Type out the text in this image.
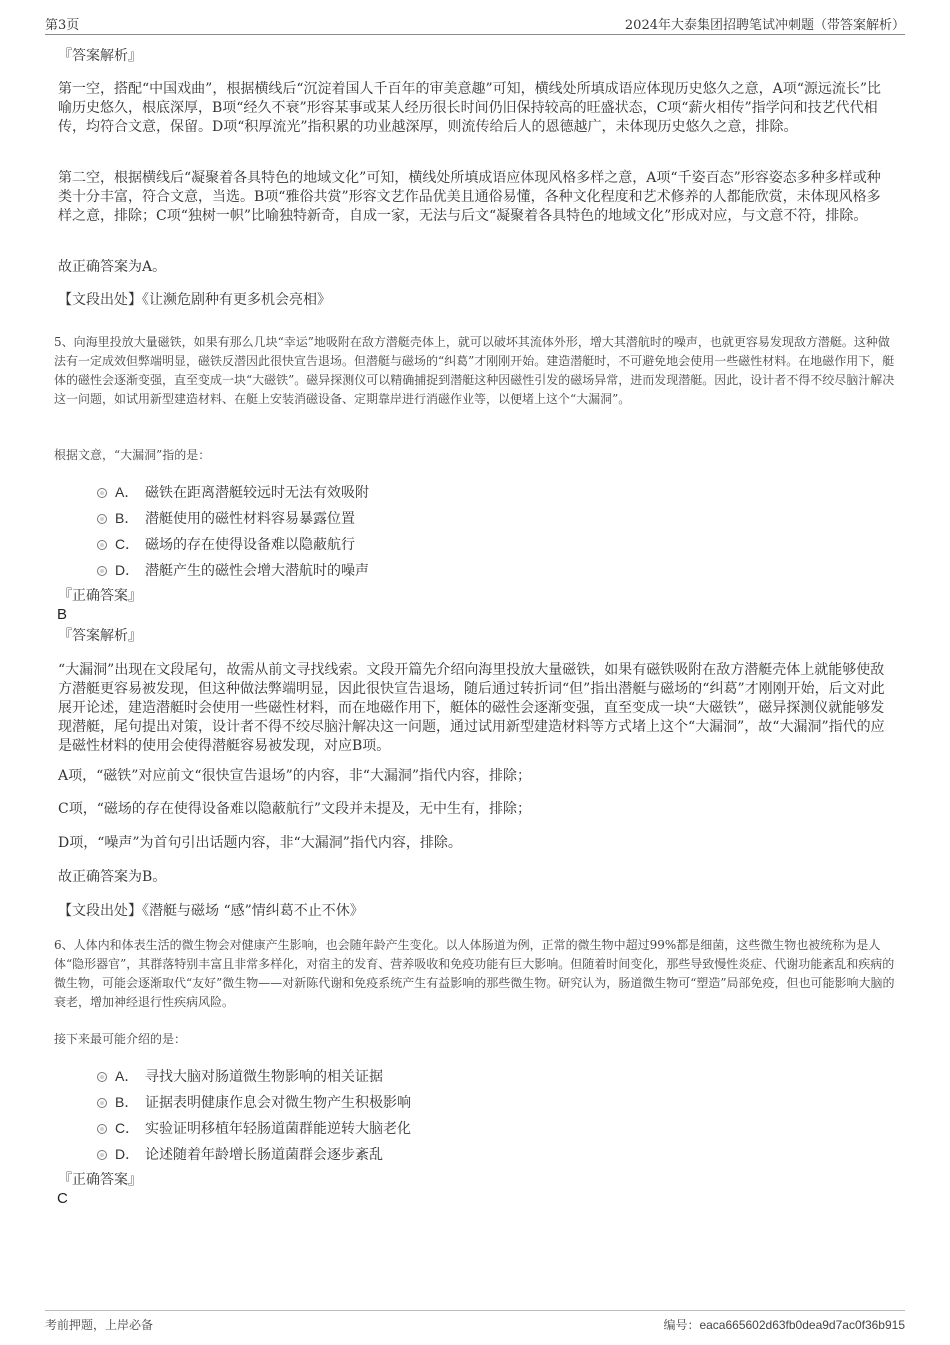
第3页	2024年大泰集团招聘笔试冲刺题（带答案解析）
『答案解析』

第一空，搭配“中国戏曲”，根据横线后“沉淀着国人千百年的审美意趣”可知，横线处所填成语应体现历史悠久之意，A项“源远流长”比喻历史悠久，根底深厚，B项“经久不衰”形容某事或某人经历很长时间仍旧保持较高的旺盛状态，C项“薪火相传”指学问和技艺代代相传，均符合文意，保留。D项“积厚流光”指积累的功业越深厚，则流传给后人的恩德越广，未体现历史悠久之意，排除。

第二空，根据横线后“凝聚着各具特色的地域文化”可知，横线处所填成语应体现风格多样之意，A项“千姿百态”形容姿态多种多样或种类十分丰富，符合文意，当选。B项“雅俗共赏”形容文艺作品优美且通俗易懂，各种文化程度和艺术修养的人都能欣赏，未体现风格多样之意，排除；C项“独树一帜”比喻独特新奇，自成一家，无法与后文“凝聚着各具特色的地域文化”形成对应，与文意不符，排除。

故正确答案为A。

【文段出处】《让濒危剧种有更多机会亮相》

5、向海里投放大量磁铁，如果有那么几块“幸运”地吸附在敌方潜艇壳体上，就可以破坏其流体外形，增大其潜航时的噪声，也就更容易发现敌方潜艇。这种做法有一定成效但弊端明显，磁铁反潜因此很快宣告退场。但潜艇与磁场的“纠葛”才刚刚开始。建造潜艇时，不可避免地会使用一些磁性材料。在地磁作用下，艇体的磁性会逐渐变强，直至变成一块“大磁铁”。磁异探测仪可以精确捕捉到潜艇这种因磁性引发的磁场异常，进而发现潜艇。因此，设计者不得不绞尽脑汁解决这一问题，如试用新型建造材料、在艇上安装消磁设备、定期靠岸进行消磁作业等，以便堵上这个“大漏洞”。

根据文意，“大漏洞”指的是：

A． 磁铁在距离潜艇较远时无法有效吸附
B． 潜艇使用的磁性材料容易暴露位置
C． 磁场的存在使得设备难以隐蔽航行
D． 潜艇产生的磁性会增大潜航时的噪声
『正确答案』
B
『答案解析』

“大漏洞”出现在文段尾句，故需从前文寻找线索。文段开篇先介绍向海里投放大量磁铁，如果有磁铁吸附在敌方潜艇壳体上就能够使敌方潜艇更容易被发现，但这种做法弊端明显，因此很快宣告退场，随后通过转折词“但”指出潜艇与磁场的“纠葛”才刚刚开始，后文对此展开论述，建造潜艇时会使用一些磁性材料，而在地磁作用下，艇体的磁性会逐渐变强，直至变成一块“大磁铁”，磁异探测仪就能够发现潜艇，尾句提出对策，设计者不得不绞尽脑汁解决这一问题，通过试用新型建造材料等方式堵上这个“大漏洞”，故“大漏洞”指代的应是磁性材料的使用会使得潜艇容易被发现，对应B项。

A项，“磁铁”对应前文“很快宣告退场”的内容，非“大漏洞”指代内容，排除；

C项，“磁场的存在使得设备难以隐蔽航行”文段并未提及，无中生有，排除；

D项，“噪声”为首句引出话题内容，非“大漏洞”指代内容，排除。

故正确答案为B。

【文段出处】《潜艇与磁场 “感”情纠葛不止不休》

6、人体内和体表生活的微生物会对健康产生影响，也会随年龄产生变化。以人体肠道为例，正常的微生物中超过99%都是细菌，这些微生物也被统称为是人体“隐形器官”，其群落特别丰富且非常多样化，对宿主的发育、营养吸收和免疫功能有巨大影响。但随着时间变化，那些导致慢性炎症、代谢功能紊乱和疾病的微生物，可能会逐渐取代“友好”微生物——对新陈代谢和免疫系统产生有益影响的那些微生物。研究认为，肠道微生物可“塑造”局部免疫，但也可能影响大脑的衰老，增加神经退行性疾病风险。

接下来最可能介绍的是：

A． 寻找大脑对肠道微生物影响的相关证据
B． 证据表明健康作息会对微生物产生积极影响
C． 实验证明移植年轻肠道菌群能逆转大脑老化
D． 论述随着年龄增长肠道菌群会逐步紊乱
『正确答案』
C
考前押题，上岸必备	编号：eaca665602d63fb0dea9d7ac0f36b915
